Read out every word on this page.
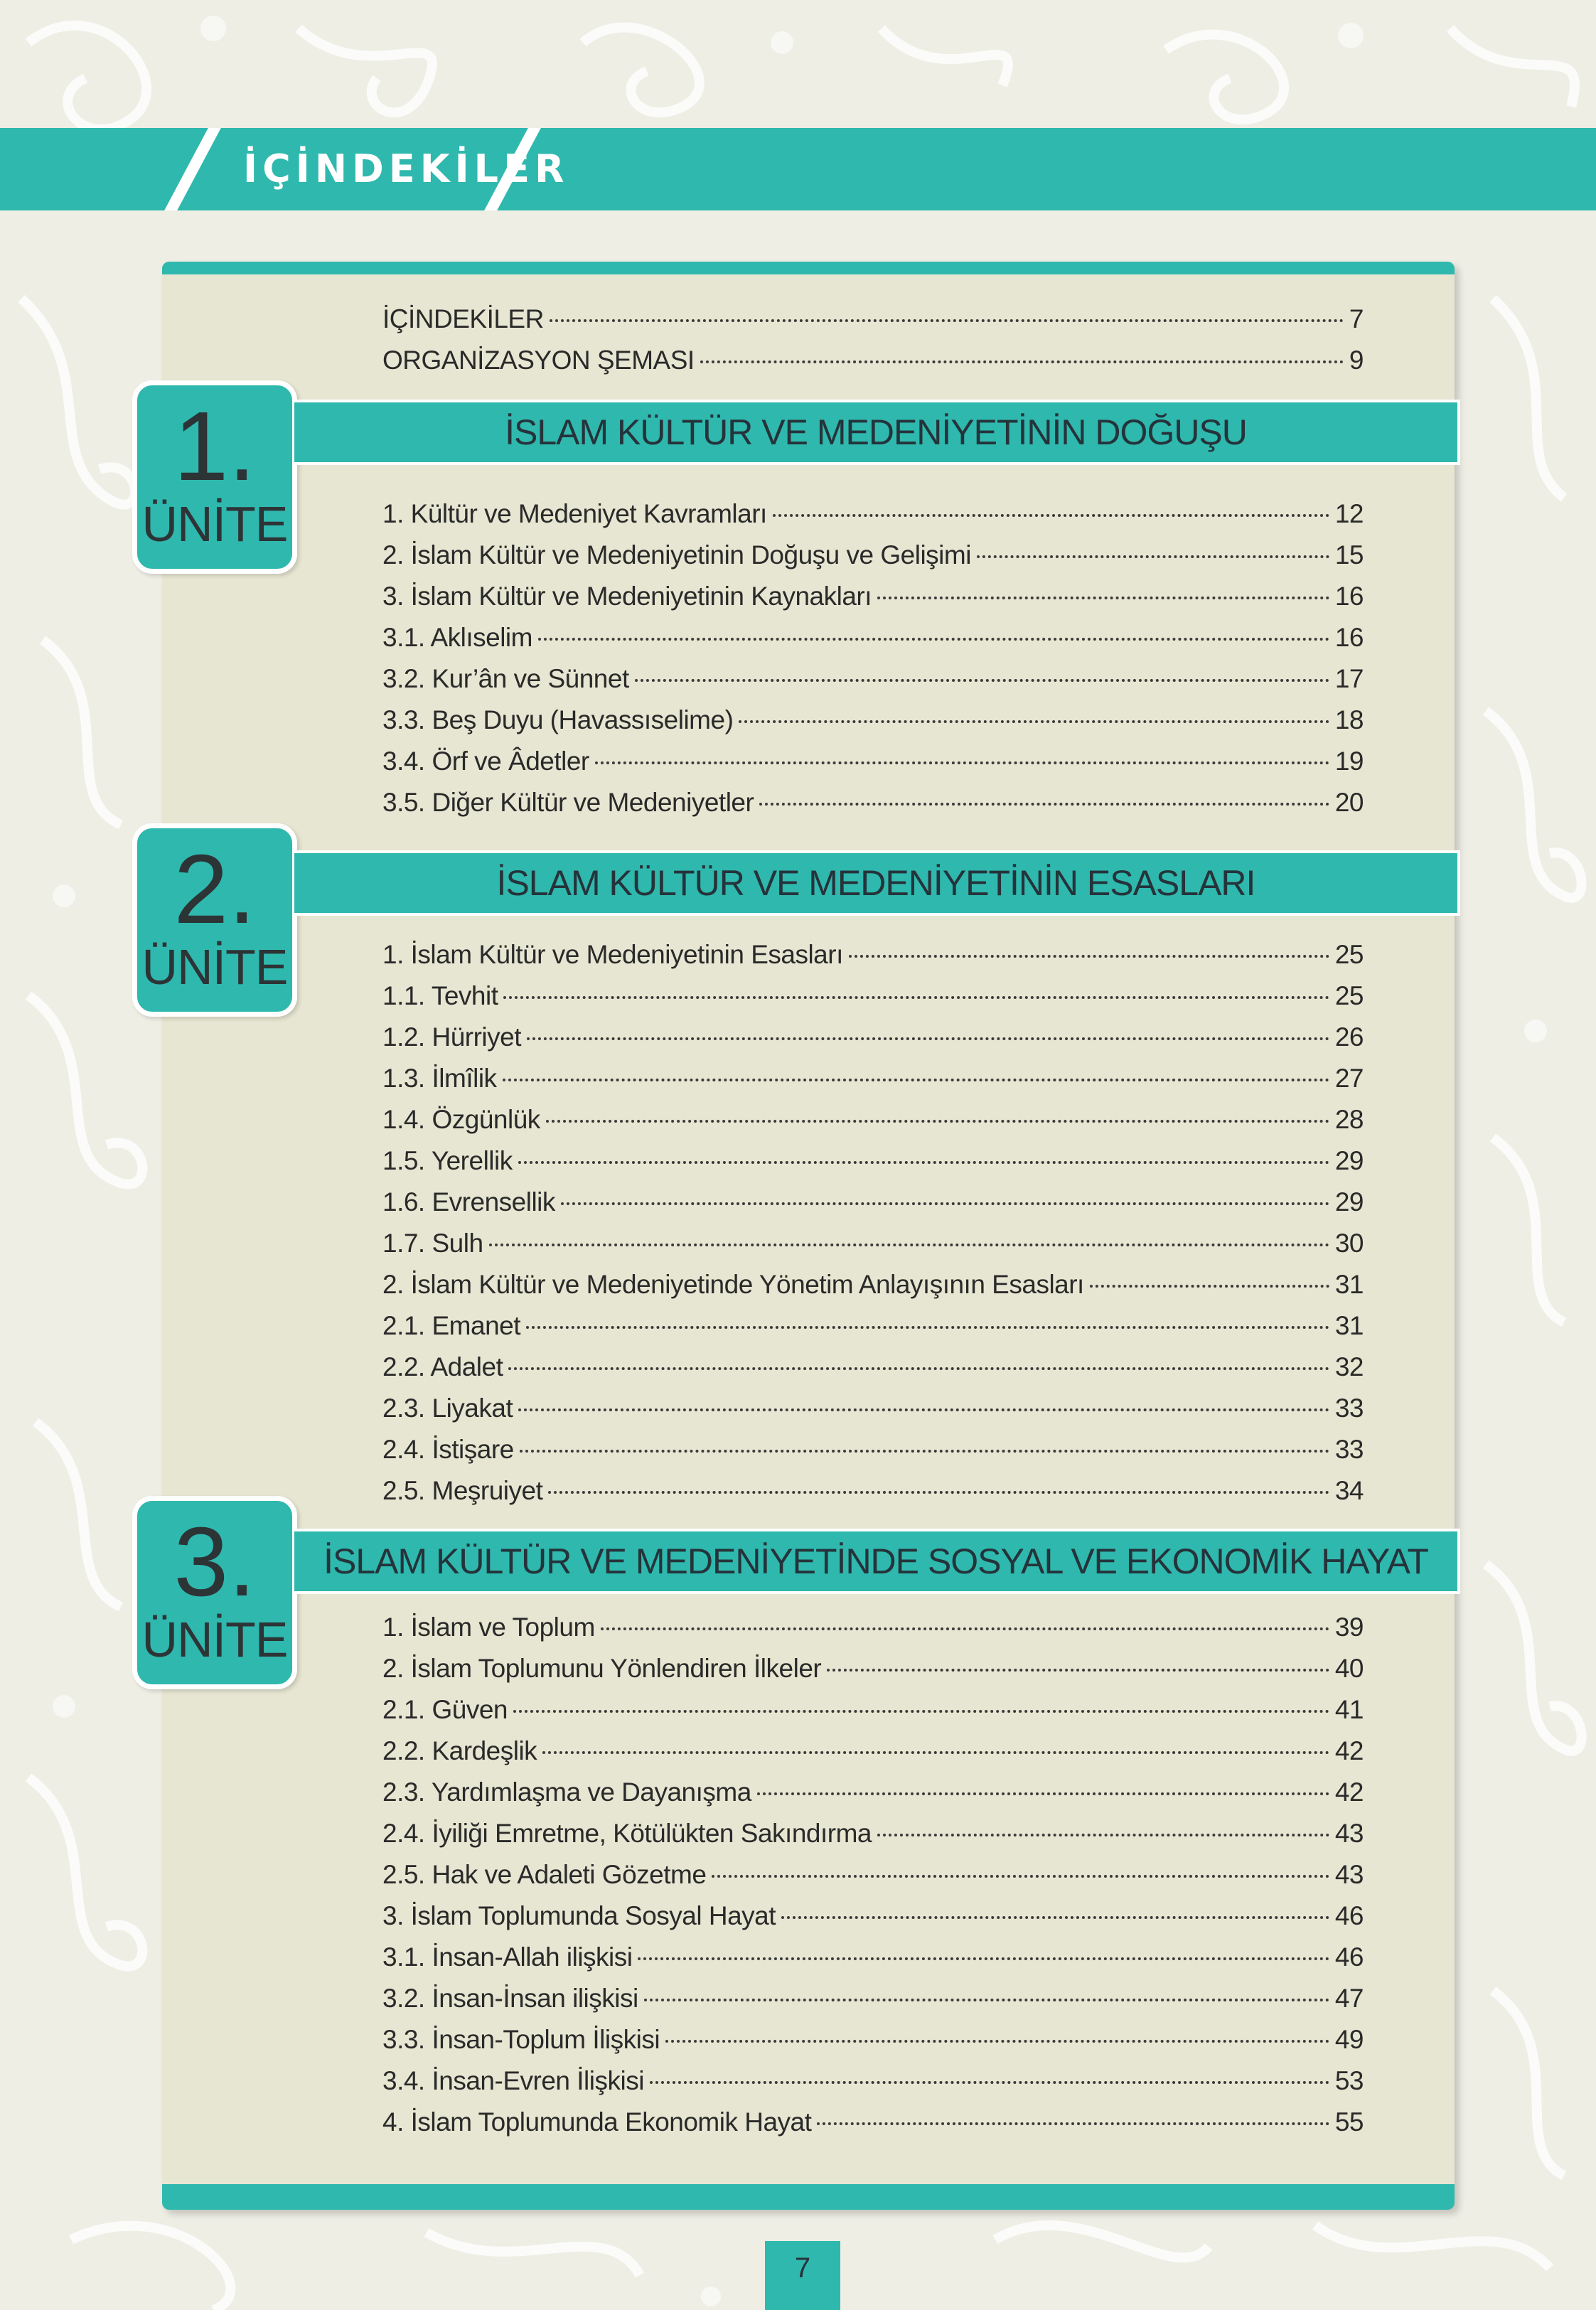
İÇİNDEKİLER
İÇİNDEKİLER	7
ORGANİZASYON ŞEMASI	9
1.
ÜNİTE
İSLAM KÜLTÜR VE MEDENİYETİNİN DOĞUŞU
1. Kültür ve Medeniyet Kavramları	12
2. İslam Kültür ve Medeniyetinin Doğuşu ve Gelişimi	15
3. İslam Kültür ve Medeniyetinin Kaynakları	16
3.1. Aklıselim	16
3.2. Kur’ân ve Sünnet	17
3.3. Beş Duyu (Havassıselime)	18
3.4. Örf ve Âdetler	19
3.5. Diğer Kültür ve Medeniyetler	20
2.
ÜNİTE
İSLAM KÜLTÜR VE MEDENİYETİNİN ESASLARI
1. İslam Kültür ve Medeniyetinin Esasları	25
1.1. Tevhit	25
1.2. Hürriyet	26
1.3. İlmîlik	27
1.4. Özgünlük	28
1.5. Yerellik	29
1.6. Evrensellik	29
1.7. Sulh	30
2. İslam Kültür ve Medeniyetinde Yönetim Anlayışının Esasları	31
2.1. Emanet	31
2.2. Adalet	32
2.3. Liyakat	33
2.4. İstişare	33
2.5. Meşruiyet	34
3.
ÜNİTE
İSLAM KÜLTÜR VE MEDENİYETİNDE SOSYAL VE EKONOMİK HAYAT
1. İslam ve Toplum	39
2. İslam Toplumunu Yönlendiren İlkeler	40
2.1. Güven	41
2.2. Kardeşlik	42
2.3. Yardımlaşma ve Dayanışma	42
2.4. İyiliği Emretme, Kötülükten Sakındırma	43
2.5. Hak ve Adaleti Gözetme	43
3. İslam Toplumunda Sosyal Hayat	46
3.1. İnsan-Allah ilişkisi	46
3.2. İnsan-İnsan ilişkisi	47
3.3. İnsan-Toplum İlişkisi	49
3.4. İnsan-Evren İlişkisi	53
4. İslam Toplumunda Ekonomik Hayat	55
7
